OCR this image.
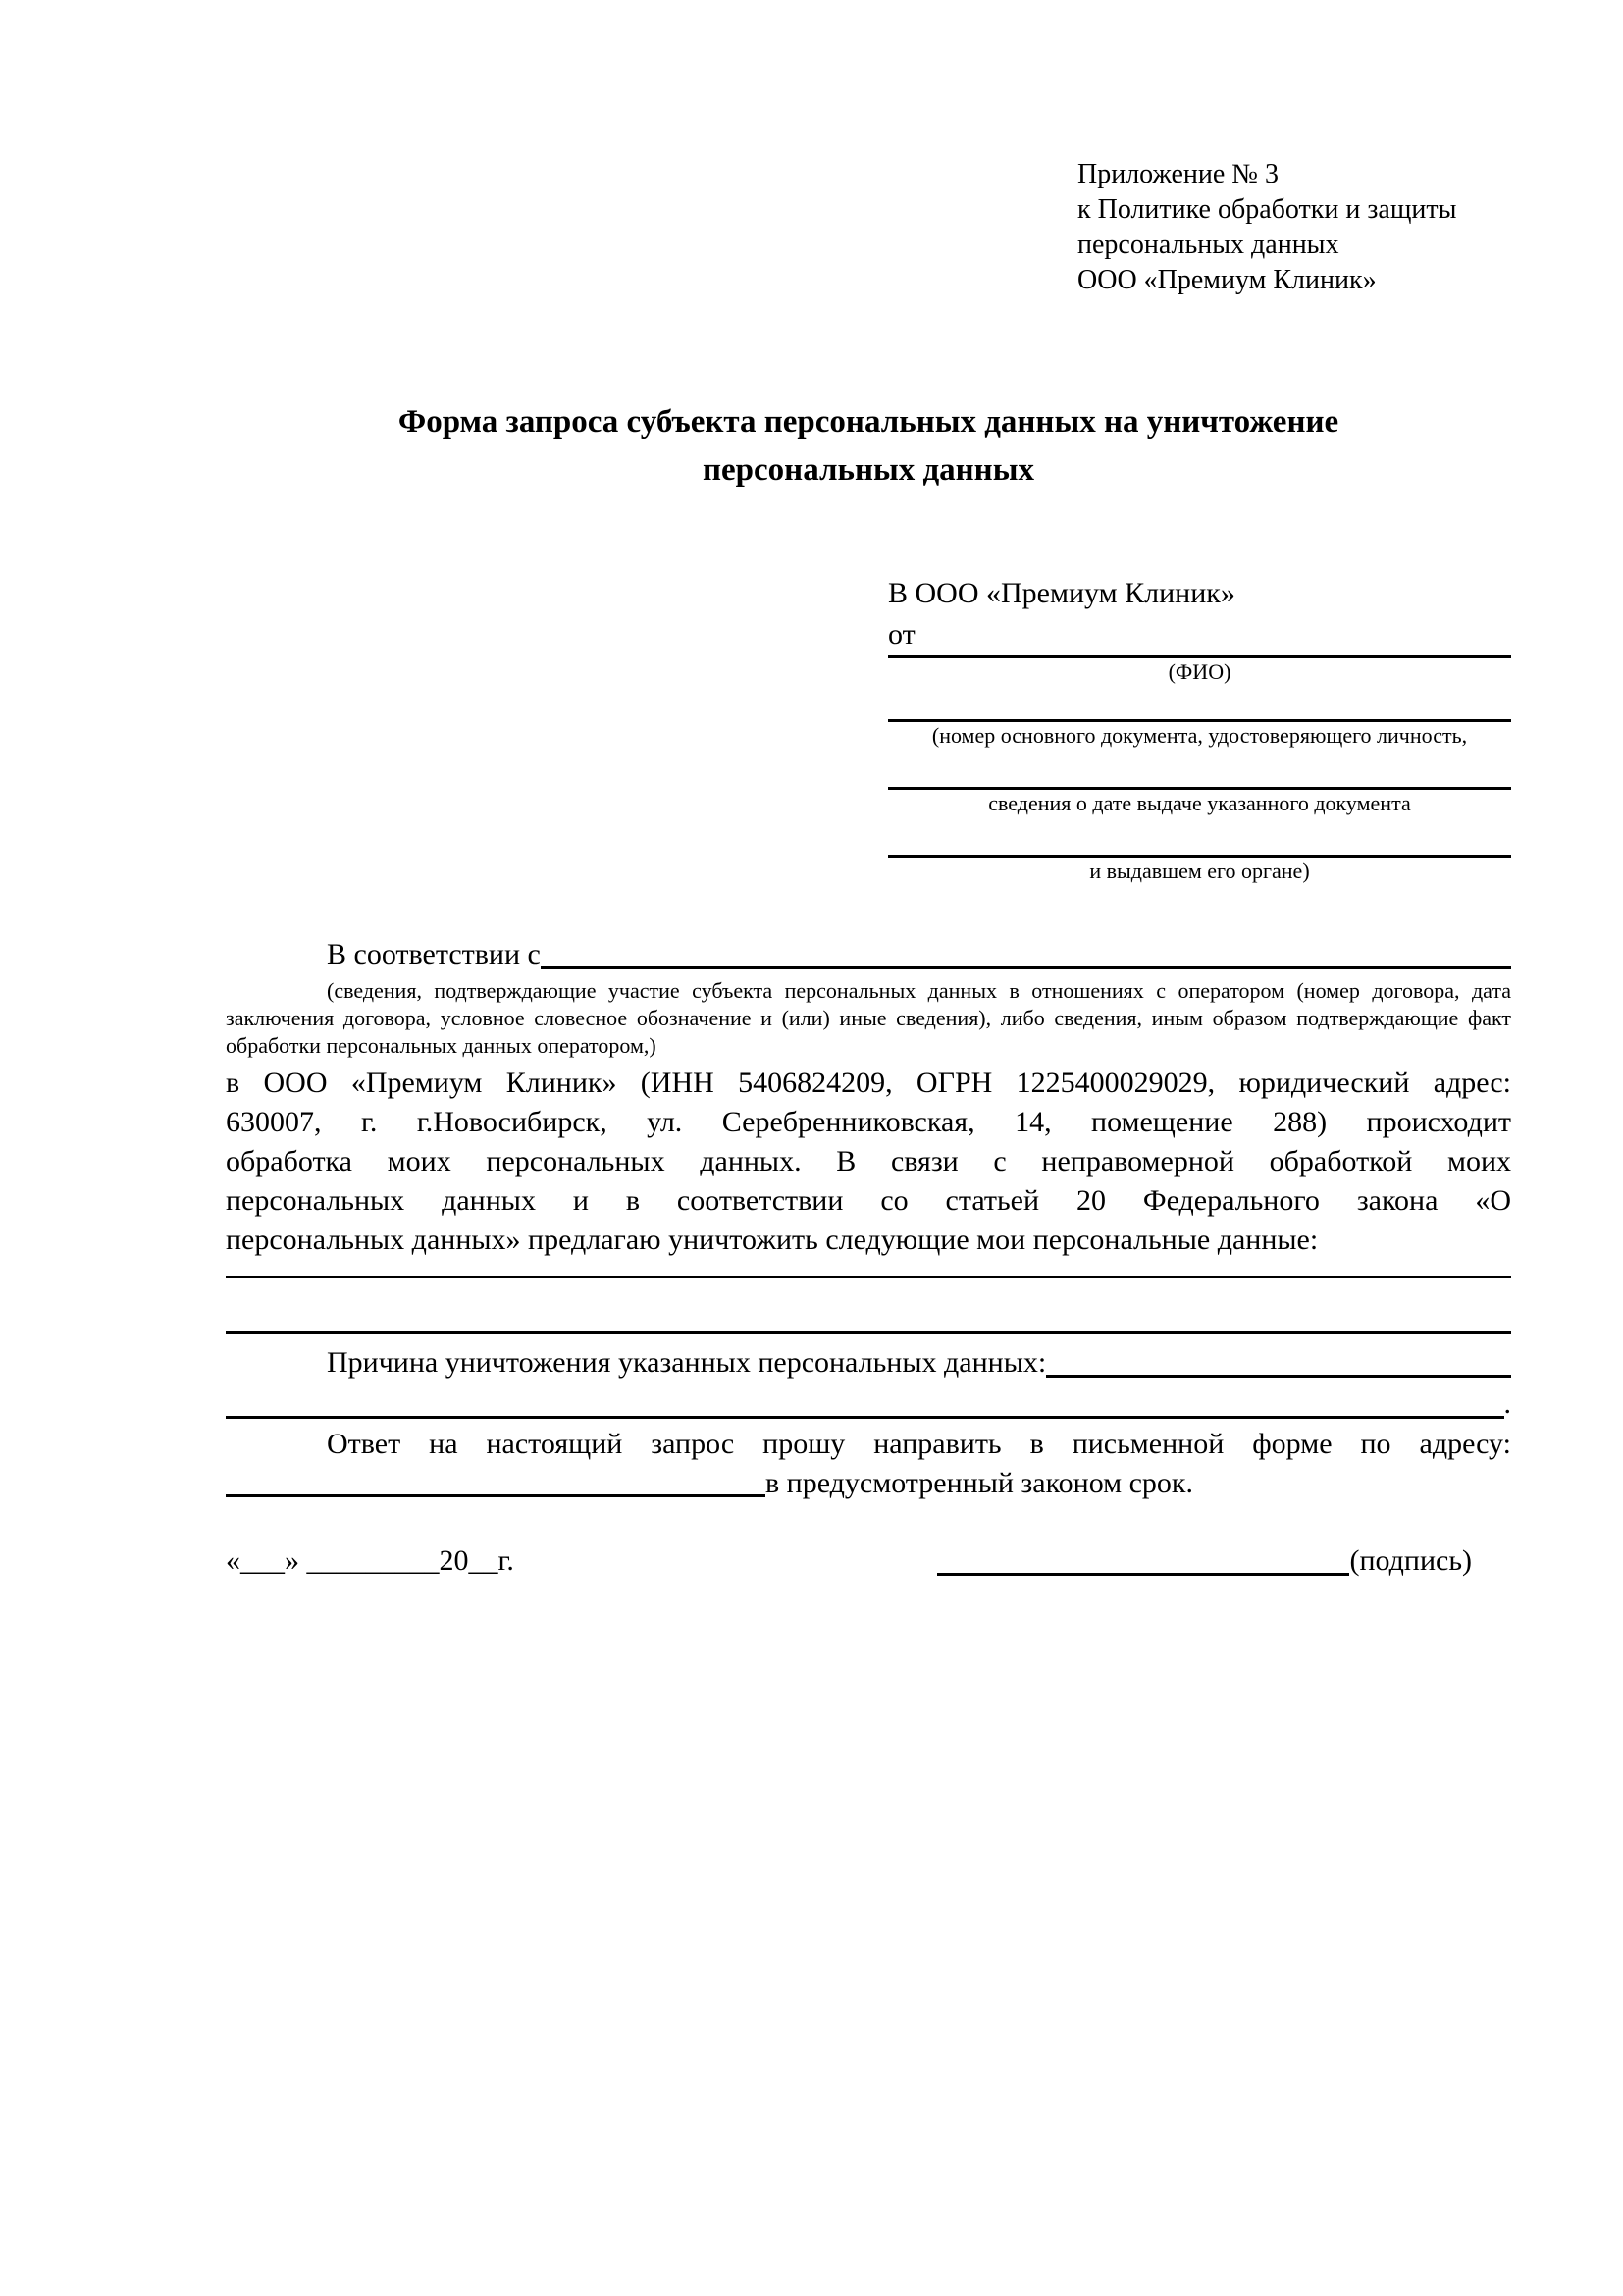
Приложение № 3
к Политике обработки и защиты
персональных данных
ООО «Премиум Клиник»
Форма запроса субъекта персональных данных на уничтожение
персональных данных
В ООО «Премиум Клиник»
от
(ФИО)
(номер основного документа, удостоверяющего личность,
сведения о дате выдаче указанного документа
и выдавшем его органе)
В соответствии с
(сведения, подтверждающие участие субъекта персональных данных в отношениях с оператором (номер договора, дата
заключения договора, условное словесное обозначение и (или) иные сведения), либо сведения, иным образом подтверждающие факт
обработки персональных данных оператором,)
в ООО «Премиум Клиник» (ИНН 5406824209, ОГРН 1225400029029, юридический адрес:
630007, г. г.Новосибирск, ул. Серебренниковская, 14, помещение 288) происходит
обработка моих персональных данных. В связи с неправомерной обработкой моих
персональных данных и в соответствии со статьей 20 Федерального закона «О
персональных данных» предлагаю уничтожить следующие мои персональные данные:
Причина уничтожения указанных персональных данных:
.
Ответ на настоящий запрос прошу направить в письменной форме по адресу:
в предусмотренный законом срок.
«___» _________20__г.	(подпись)
